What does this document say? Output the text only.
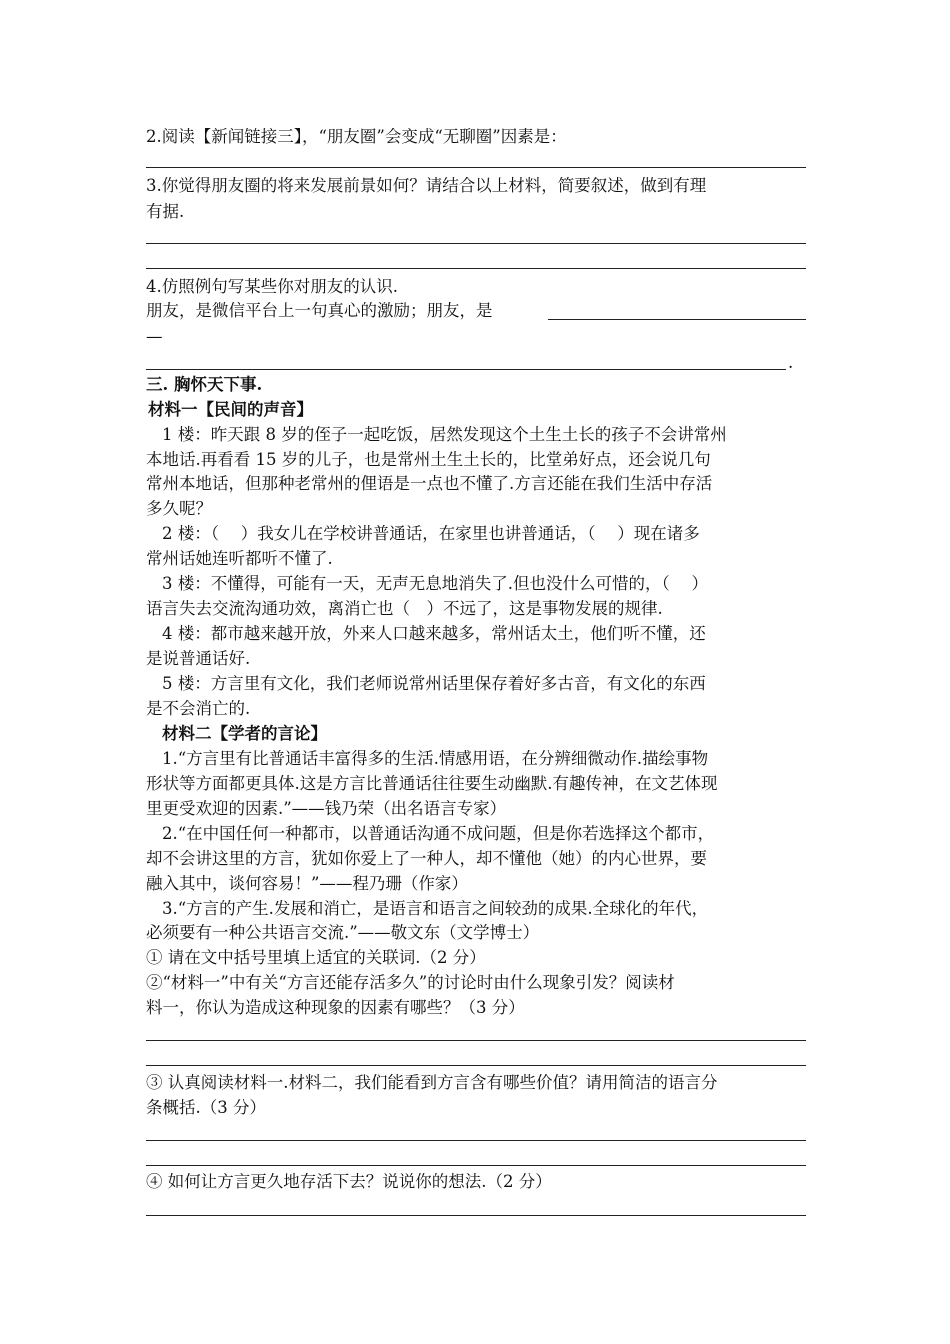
2.阅读【新闻链接三】，“朋友圈”会变成“无聊圈”因素是：
3.你觉得朋友圈的将来发展前景如何？请结合以上材料，简要叙述，做到有理
有据.
4.仿照例句写某些你对朋友的认识.
朋友，是微信平台上一句真心的激励；朋友，是
—
.
三. 胸怀天下事.
材料一【民间的声音】
1 楼：昨天跟 8 岁的侄子一起吃饭，居然发现这个土生土长的孩子不会讲常州
本地话.再看看 15 岁的儿子，也是常州土生土长的，比堂弟好点，还会说几句
常州本地话，但那种老常州的俚语是一点也不懂了.方言还能在我们生活中存活
多久呢？
2 楼：（　 ）我女儿在学校讲普通话，在家里也讲普通话，（　 ）现在诸多
常州话她连听都听不懂了.
3 楼：不懂得，可能有一天，无声无息地消失了.但也没什么可惜的，（　 ）
语言失去交流沟通功效，离消亡也（　）不远了，这是事物发展的规律.
4 楼：都市越来越开放，外来人口越来越多，常州话太土，他们听不懂，还
是说普通话好.
5 楼：方言里有文化，我们老师说常州话里保存着好多古音，有文化的东西
是不会消亡的.
材料二【学者的言论】
1.“方言里有比普通话丰富得多的生活.情感用语，在分辨细微动作.描绘事物
形状等方面都更具体.这是方言比普通话往往要生动幽默.有趣传神，在文艺体现
里更受欢迎的因素.”——钱乃荣（出名语言专家）
2.“在中国任何一种都市，以普通话沟通不成问题，但是你若选择这个都市，
却不会讲这里的方言，犹如你爱上了一种人，却不懂他（她）的内心世界，要
融入其中，谈何容易！”——程乃珊（作家）
3.“方言的产生.发展和消亡，是语言和语言之间较劲的成果.全球化的年代，
必须要有一种公共语言交流.”——敬文东（文学博士）
① 请在文中括号里填上适宜的关联词.（2 分）
②“材料一”中有关“方言还能存活多久”的讨论时由什么现象引发？阅读材
料一，你认为造成这种现象的因素有哪些？（3 分）
③ 认真阅读材料一.材料二，我们能看到方言含有哪些价值？请用简洁的语言分
条概括.（3 分）
④ 如何让方言更久地存活下去？说说你的想法.（2 分）
